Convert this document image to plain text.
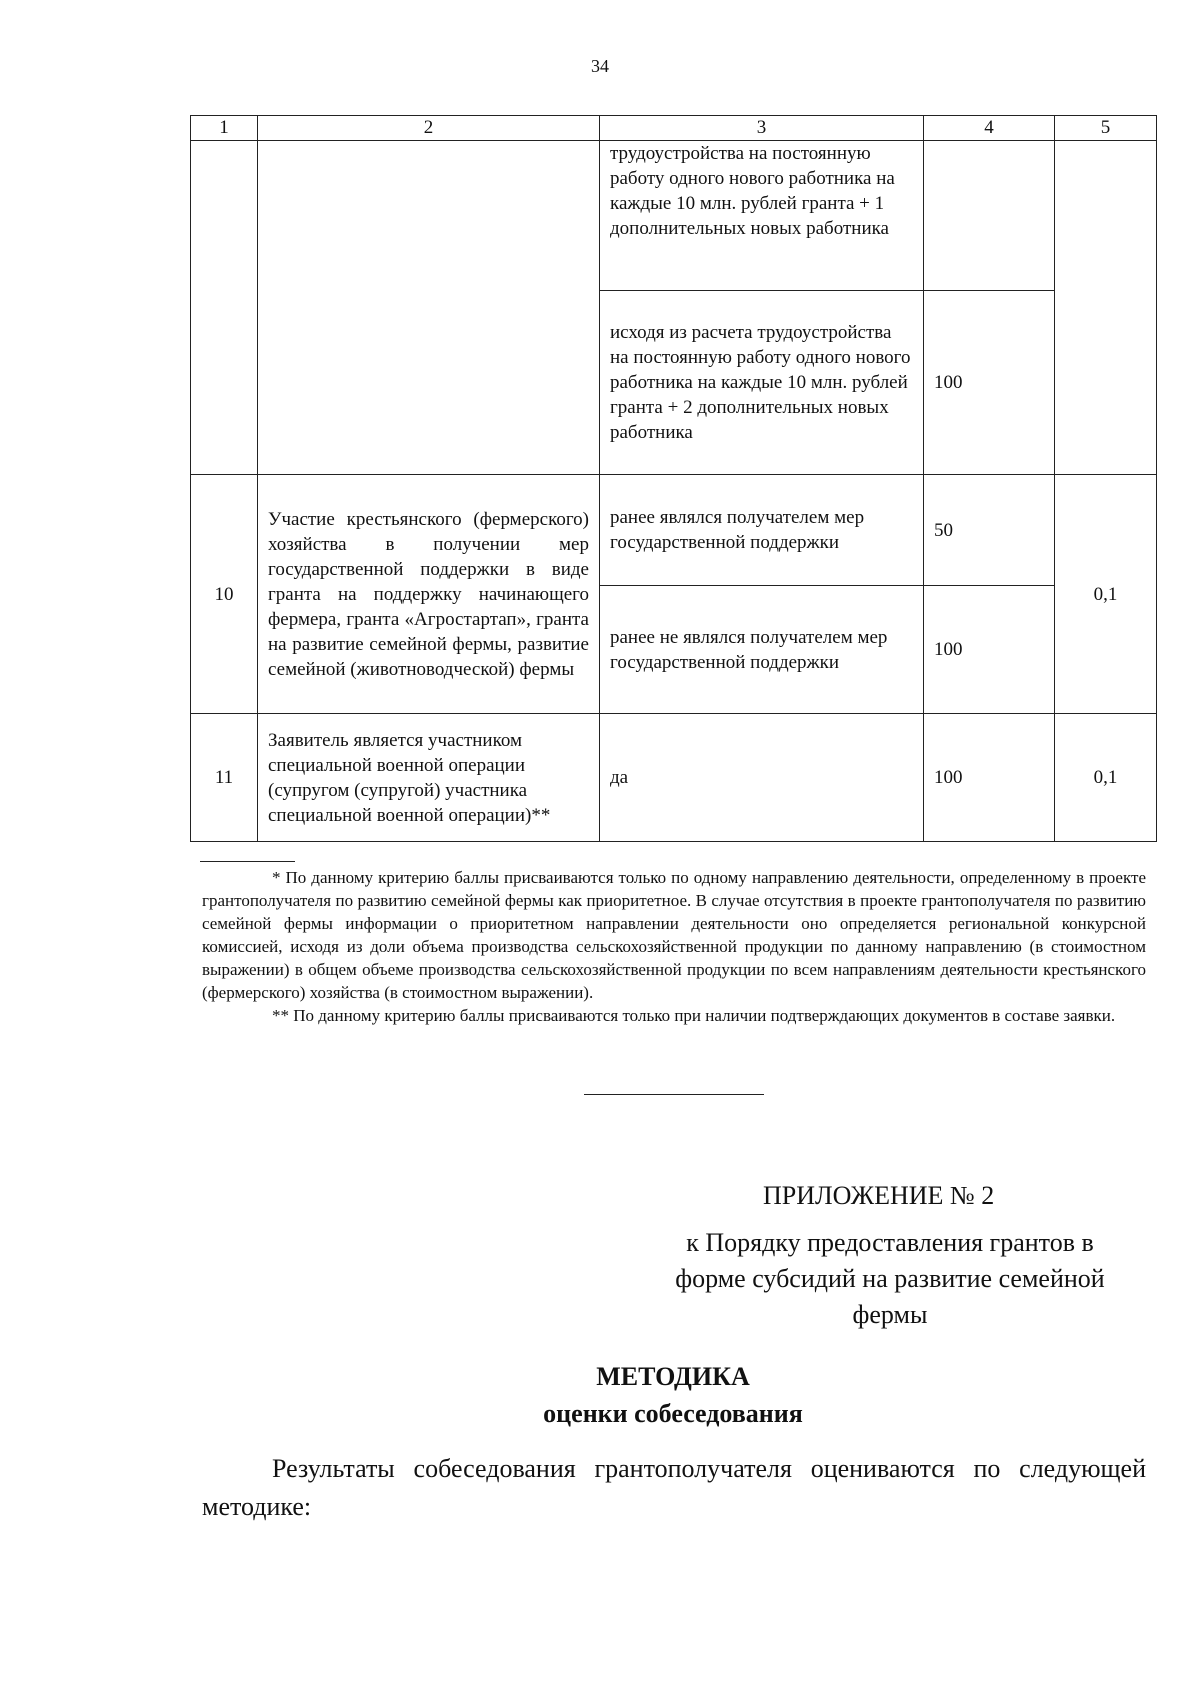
34
1	2	3	4	5
		трудоустройства на постоянную работу одного нового работника на каждые 10 млн. рублей гранта + 1 дополнительных новых работника		
		исходя из расчета трудоустройства на постоянную работу одного нового работника на каждые 10 млн. рублей гранта + 2 дополнительных новых работника	100	
10	Участие крестьянского (фермерского) хозяйства в получении мер государственной поддержки в виде гранта на поддержку начинающего фермера, гранта «Агростартап», гранта на развитие семейной фермы, развитие семейной (животноводческой) фермы	ранее являлся получателем мер государственной поддержки	50	0,1
		ранее не являлся получателем мер государственной поддержки	100	
11	Заявитель является участником специальной военной операции (супругом (супругой) участника специальной военной операции)**	да	100	0,1

* По данному критерию баллы присваиваются только по одному направлению деятельности, определенному в проекте грантополучателя по развитию семейной фермы как приоритетное. В случае отсутствия в проекте грантополучателя по развитию семейной фермы информации о приоритетном направлении деятельности оно определяется региональной конкурсной комиссией, исходя из доли объема производства сельскохозяйственной продукции по данному направлению (в стоимостном выражении) в общем объеме производства сельскохозяйственной продукции по всем направлениям деятельности крестьянского (фермерского) хозяйства (в стоимостном выражении).

** По данному критерию баллы присваиваются только при наличии подтверждающих документов в составе заявки.

ПРИЛОЖЕНИЕ № 2
к Порядку предоставления грантов в форме субсидий на развитие семейной фермы
МЕТОДИКА
оценки собеседования
Результаты собеседования грантополучателя оцениваются по следующей методике:
